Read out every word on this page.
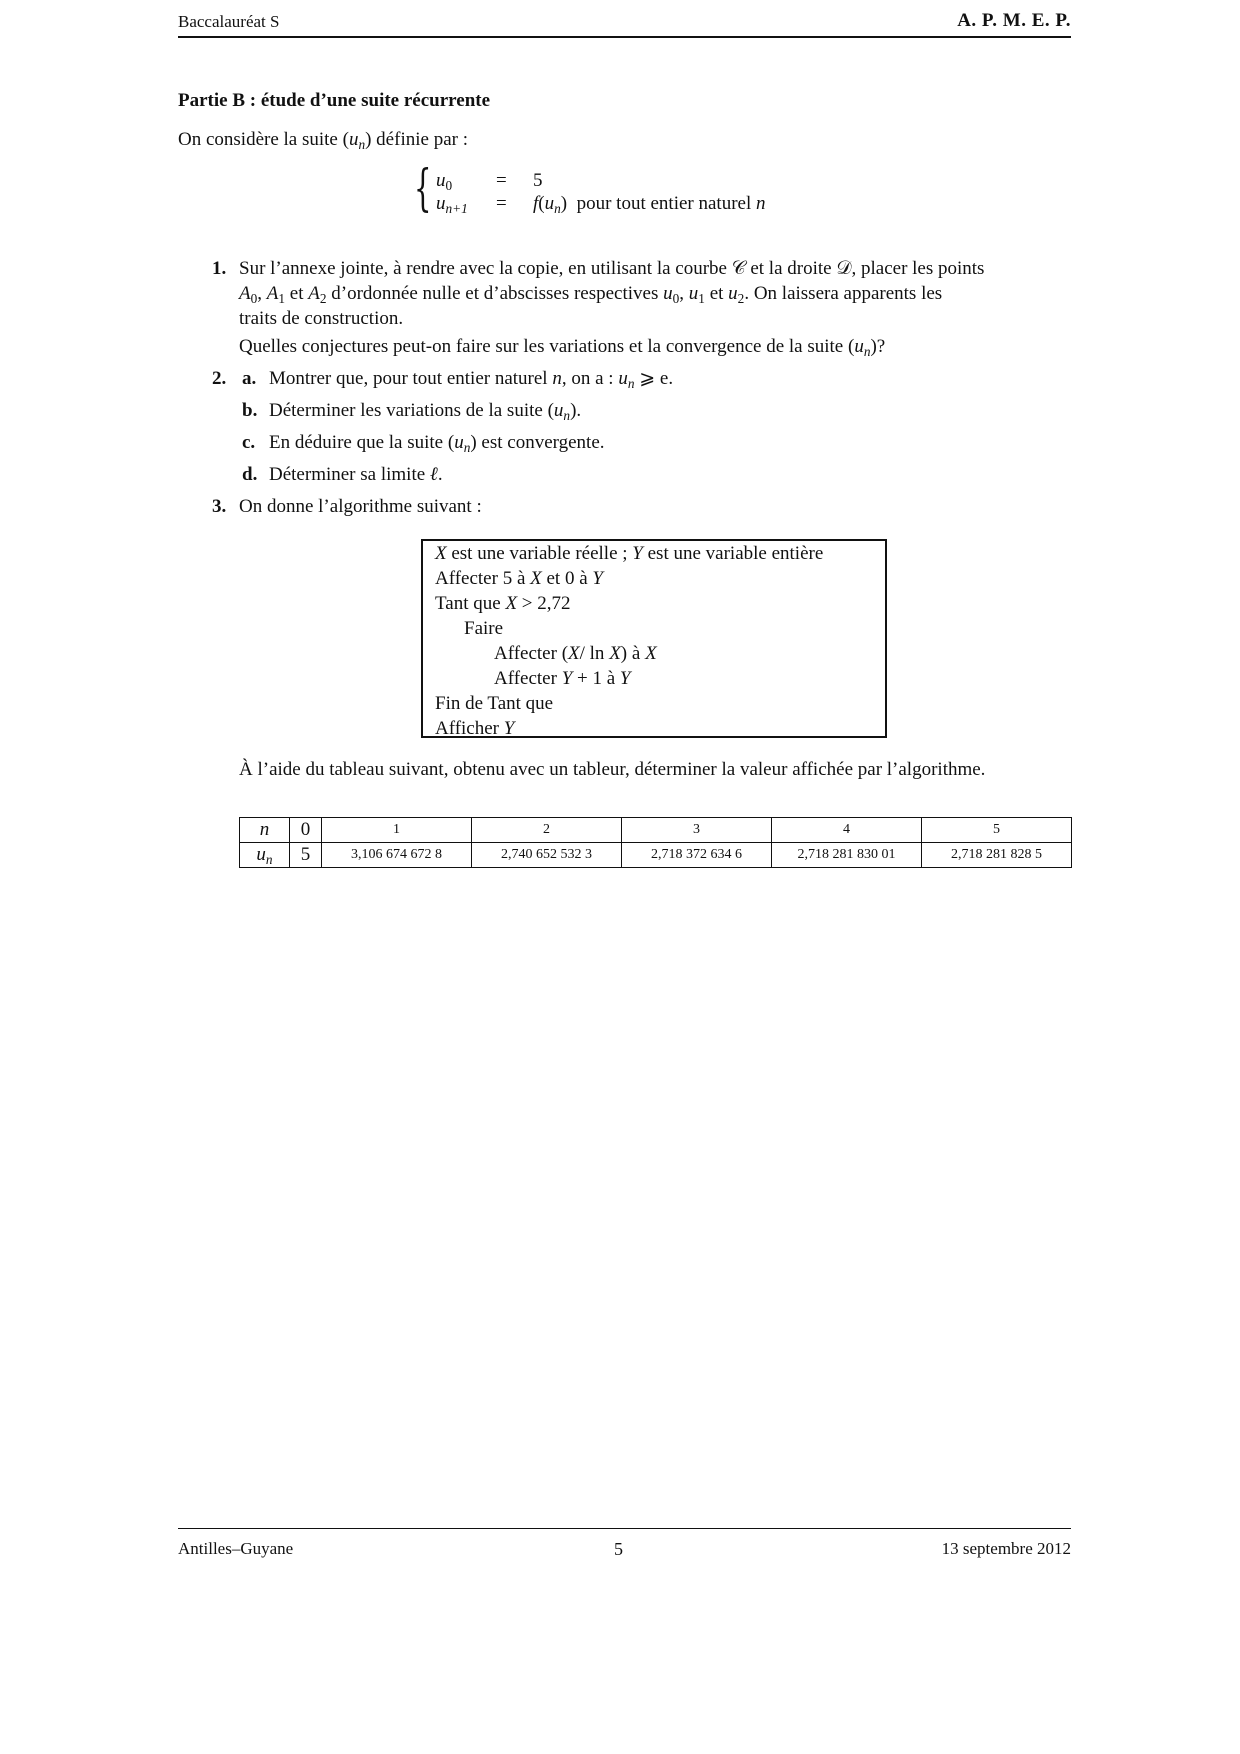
Baccalauréat S	A. P. M. E. P.
Partie B : étude d’une suite récurrente
On considère la suite $(u_n)$ définie par :
{ $u_0 = 5$
$u_{n+1} = f(u_n)$ pour tout entier naturel n
1. Sur l’annexe jointe, à rendre avec la copie, en utilisant la courbe 𝒞 et la droite 𝒟, placer les points
$A_0$, $A_1$ et $A_2$ d’ordonnée nulle et d’abscisses respectives $u_0$, $u_1$ et $u_2$. On laissera apparents les
traits de construction.
Quelles conjectures peut-on faire sur les variations et la convergence de la suite $(u_n)$?
2. a. Montrer que, pour tout entier naturel n, on a : $u_n$ ⩾ e.
b. Déterminer les variations de la suite $(u_n)$.
c. En déduire que la suite $(u_n)$ est convergente.
d. Déterminer sa limite ℓ.
3. On donne l’algorithme suivant :
X est une variable réelle ; Y est une variable entière
Affecter 5 à X et 0 à Y
Tant que X > 2,72
Faire
Affecter (X/ ln X) à X
Affecter Y + 1 à Y
Fin de Tant que
Afficher Y
À l’aide du tableau suivant, obtenu avec un tableur, déterminer la valeur affichée par l’algorithme.
n	0	1	2	3	4	5
$u_n$	5	3,106 674 672 8	2,740 652 532 3	2,718 372 634 6	2,718 281 830 01	2,718 281 828 5
Antilles–Guyane	5	13 septembre 2012
